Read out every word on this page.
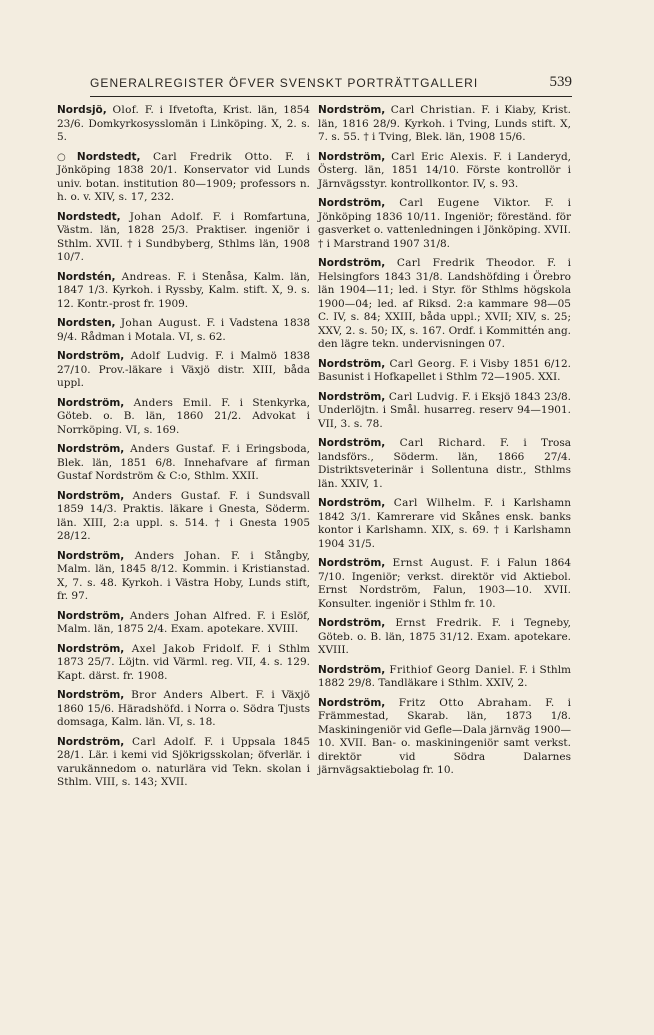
GENERALREGISTER ÖFVER SVENSKT PORTRÄTTGALLERI	539

Nordsjö, Olof. F. i Ifvetofta, Krist. län, 1854 23/6. Domkyrkosysslomän i Linköping. X, 2. s. 5.

○ Nordstedt, Carl Fredrik Otto. F. i Jönköping 1838 20/1. Konservator vid Lunds univ. botan. institution 80—1909; professors n. h. o. v. XIV, s. 17, 232.

Nordstedt, Johan Adolf. F. i Romfartuna, Västm. län, 1828 25/3. Praktiser. ingeniör i Sthlm. XVII. † i Sundbyberg, Sthlms län, 1908 10/7.

Nordstén, Andreas. F. i Stenåsa, Kalm. län, 1847 1/3. Kyrkoh. i Ryssby, Kalm. stift. X, 9. s. 12. Kontr.-prost fr. 1909.

Nordsten, Johan August. F. i Vadstena 1838 9/4. Rådman i Motala. VI, s. 62.

Nordström, Adolf Ludvig. F. i Malmö 1838 27/10. Prov.-läkare i Växjö distr. XIII, båda uppl.

Nordström, Anders Emil. F. i Stenkyrka, Göteb. o. B. län, 1860 21/2. Advokat i Norrköping. VI, s. 169.

Nordström, Anders Gustaf. F. i Eringsboda, Blek. län, 1851 6/8. Innehafvare af firman Gustaf Nordström & C:o, Sthlm. XXII.

Nordström, Anders Gustaf. F. i Sundsvall 1859 14/3. Praktis. läkare i Gnesta, Söderm. län. XIII, 2:a uppl. s. 514. † i Gnesta 1905 28/12.

Nordström, Anders Johan. F. i Stångby, Malm. län, 1845 8/12. Kommin. i Kristianstad. X, 7. s. 48. Kyrkoh. i Västra Hoby, Lunds stift, fr. 97.

Nordström, Anders Johan Alfred. F. i Eslöf, Malm. län, 1875 2/4. Exam. apotekare. XVIII.

Nordström, Axel Jakob Fridolf. F. i Sthlm 1873 25/7. Löjtn. vid Värml. reg. VII, 4. s. 129. Kapt. därst. fr. 1908.

Nordström, Bror Anders Albert. F. i Växjö 1860 15/6. Häradshöfd. i Norra o. Södra Tjusts domsaga, Kalm. län. VI, s. 18.

Nordström, Carl Adolf. F. i Uppsala 1845 28/1. Lär. i kemi vid Sjökrigsskolan; öfverlär. i varukännedom o. naturlära vid Tekn. skolan i Sthlm. VIII, s. 143; XVII.

Nordström, Carl Christian. F. i Kiaby, Krist. län, 1816 28/9. Kyrkoh. i Tving, Lunds stift. X, 7. s. 55. † i Tving, Blek. län, 1908 15/6.

Nordström, Carl Eric Alexis. F. i Landeryd, Österg. län, 1851 14/10. Förste kontrollör i Järnvägsstyr. kontrollkontor. IV, s. 93.

Nordström, Carl Eugene Viktor. F. i Jönköping 1836 10/11. Ingeniör; föreständ. för gasverket o. vattenledningen i Jönköping. XVII. † i Marstrand 1907 31/8.

Nordström, Carl Fredrik Theodor. F. i Helsingfors 1843 31/8. Landshöfding i Örebro län 1904—11; led. i Styr. för Sthlms högskola 1900—04; led. af Riksd. 2:a kammare 98—05 C. IV, s. 84; XXIII, båda uppl.; XVII; XIV, s. 25; XXV, 2. s. 50; IX, s. 167. Ordf. i Kommittén ang. den lägre tekn. undervisningen 07.

Nordström, Carl Georg. F. i Visby 1851 6/12. Basunist i Hofkapellet i Sthlm 72—1905. XXI.

Nordström, Carl Ludvig. F. i Eksjö 1843 23/8. Underlöjtn. i Smål. husarreg. reserv 94—1901. VII, 3. s. 78.

Nordström, Carl Richard. F. i Trosa landsförs., Söderm. län, 1866 27/4. Distriktsveterinär i Sollentuna distr., Sthlms län. XXIV, 1.

Nordström, Carl Wilhelm. F. i Karlshamn 1842 3/1. Kamrerare vid Skånes ensk. banks kontor i Karlshamn. XIX, s. 69. † i Karlshamn 1904 31/5.

Nordström, Ernst August. F. i Falun 1864 7/10. Ingeniör; verkst. direktör vid Aktiebol. Ernst Nordström, Falun, 1903—10. XVII. Konsulter. ingeniör i Sthlm fr. 10.

Nordström, Ernst Fredrik. F. i Tegneby, Göteb. o. B. län, 1875 31/12. Exam. apotekare. XVIII.

Nordström, Frithiof Georg Daniel. F. i Sthlm 1882 29/8. Tandläkare i Sthlm. XXIV, 2.

Nordström, Fritz Otto Abraham. F. i Främmestad, Skarab. län, 1873 1/8. Maskiningeniör vid Gefle—Dala järnväg 1900—10. XVII. Ban- o. maskiningeniör samt verkst. direktör vid Södra Dalarnes järnvägsaktiebolag fr. 10.
